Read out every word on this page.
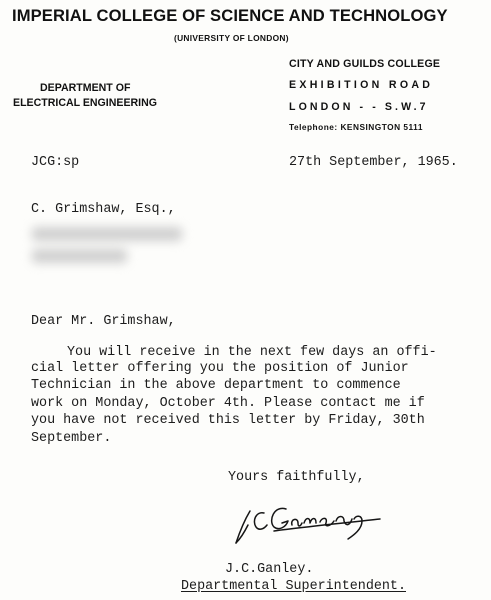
IMPERIAL COLLEGE OF SCIENCE AND TECHNOLOGY
(UNIVERSITY OF LONDON)
DEPARTMENT OF
ELECTRICAL ENGINEERING
CITY AND GUILDS COLLEGE
EXHIBITION ROAD
LONDON - - S.W.7
Telephone: KENSINGTON 5111
JCG:sp	27th September, 1965.
C. Grimshaw, Esq.,
Dear Mr. Grimshaw,
You will receive in the next few days an offi-
cial letter offering you the position of Junior
Technician in the above department to commence
work on Monday, October 4th. Please contact me if
you have not received this letter by Friday, 30th
September.
Yours faithfully,
J.C.Ganley.
Departmental Superintendent.
